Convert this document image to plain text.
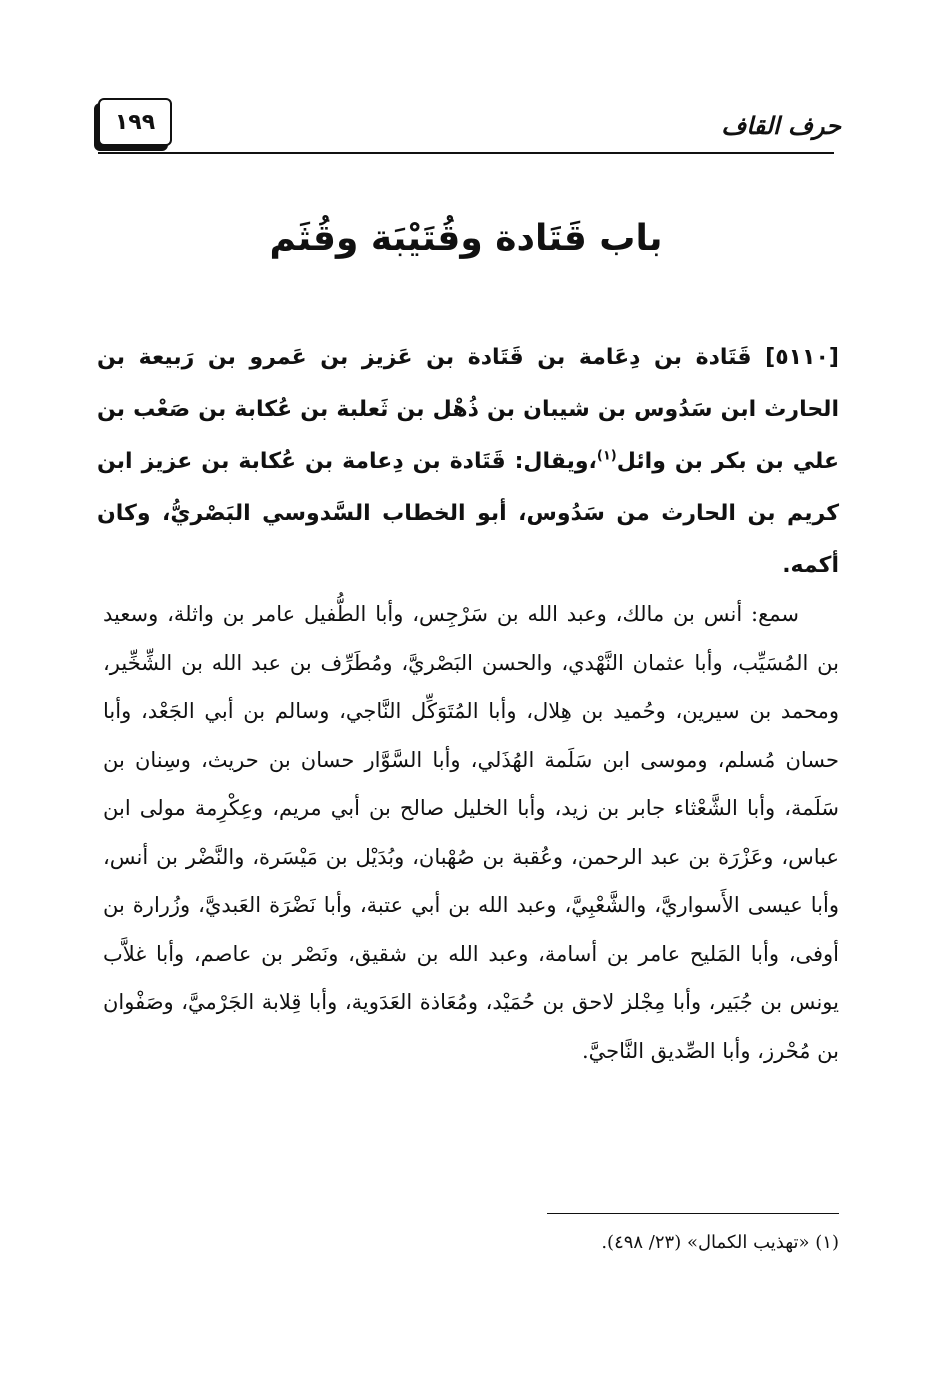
حرف القاف
١٩٩
باب قَتَادة وقُتَيْبَة وقُثَم

[٥١١٠] قَتَادة بن دِعَامة بن قَتَادة بن عَزيز بن عَمرو بن رَبيعة بن الحارث ابن سَدُوس بن شيبان بن ذُهْل بن ثَعلبة بن عُكابة بن صَعْب بن علي بن بكر بن وائل$^{(١)}$،ويقال: قَتَادة بن دِعامة بن عُكابة بن عزيز ابن كريم بن الحارث من سَدُوس، أبو الخطاب السَّدوسي البَصْريُّ، وكان أكمه.

سمع: أنس بن مالك، وعبد الله بن سَرْجِس، وأبا الطُّفيل عامر بن واثلة، وسعيد بن المُسَيِّب، وأبا عثمان النَّهْدي، والحسن البَصْريَّ، ومُطَرِّف بن عبد الله بن الشِّخِّير، ومحمد بن سيرين، وحُميد بن هِلال، وأبا المُتَوَكِّل النَّاجي، وسالم بن أبي الجَعْد، وأبا حسان مُسلم، وموسى ابن سَلَمة الهُذَلي، وأبا السَّوَّار حسان بن حريث، وسِنان بن سَلَمة، وأبا الشَّعْثاء جابر بن زيد، وأبا الخليل صالح بن أبي مريم، وعِكْرِمة مولى ابن عباس، وعَزْرَة بن عبد الرحمن، وعُقبة بن صُهْبان، وبُدَيْل بن مَيْسَرة، والنَّضْر بن أنس، وأبا عيسى الأَسواريَّ، والشَّعْبِيَّ، وعبد الله بن أبي عتبة، وأبا نَضْرَة العَبديَّ، وزُرارة بن أوفى، وأبا المَليح عامر بن أسامة، وعبد الله بن شقيق، ونَصْر بن عاصم، وأبا غلاَّب يونس بن جُبَير، وأبا مِجْلز لاحق بن حُمَيْد، ومُعَاذة العَدَوية، وأبا قِلابة الجَرْميَّ، وصَفْوان بن مُحْرز، وأبا الصِّديق النَّاجيَّ.

(١) «تهذيب الكمال» (٢٣/ ٤٩٨).
